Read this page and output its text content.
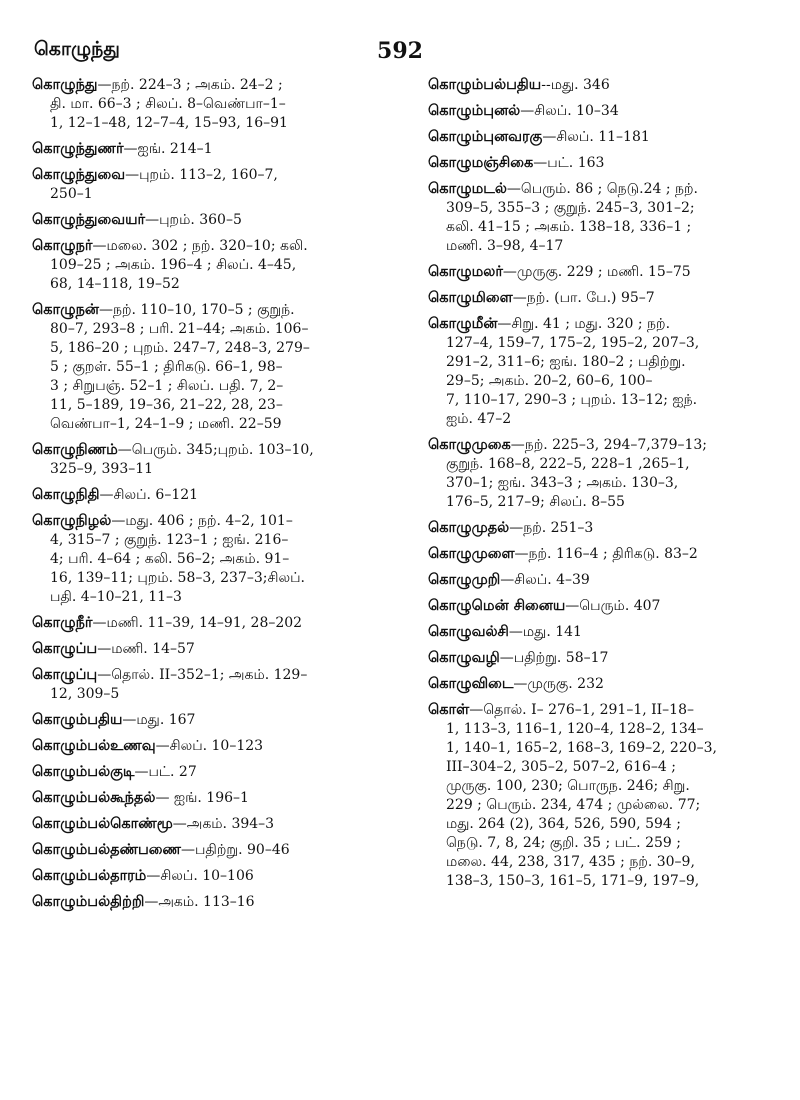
கொழுந்து	592
கொழுந்து—நற். 224–3 ; அகம். 24–2 ;
தி. மா. 66–3 ; சிலப். 8–வெண்பா–1–
1, 12–1–48, 12–7–4, 15–93, 16–91
கொழுந்துணர்—ஐங். 214–1
கொழுந்துவை—புறம். 113–2, 160–7,
250–1
கொழுந்துவையர்—புறம். 360–5
கொழுநர்—மலை. 302 ; நற். 320–10; கலி.
109–25 ; அகம். 196–4 ; சிலப். 4–45,
68, 14–118, 19–52
கொழுநன்—நற். 110–10, 170–5 ; குறுந்.
80–7, 293–8 ; பரி. 21–44; அகம். 106–
5, 186–20 ; புறம். 247–7, 248–3, 279–
5 ; குறள். 55–1 ; திரிகடு. 66–1, 98–
3 ; சிறுபஞ். 52–1 ; சிலப். பதி. 7, 2–
11, 5–189, 19–36, 21–22, 28, 23–
வெண்பா–1, 24–1–9 ; மணி. 22–59
கொழுநிணம்—பெரும். 345;புறம். 103–10,
325–9, 393–11
கொழுநிதி—சிலப். 6–121
கொழுநிழல்—மது. 406 ; நற். 4–2, 101–
4, 315–7 ; குறுந். 123–1 ; ஐங். 216–
4; பரி. 4–64 ; கலி. 56–2; அகம். 91–
16, 139–11; புறம். 58–3, 237–3;சிலப்.
பதி. 4–10–21, 11–3
கொழுநீர்—மணி. 11–39, 14–91, 28–202
கொழுப்ப—மணி. 14–57
கொழுப்பு—தொல். II–352–1; அகம். 129–
12, 309–5
கொழும்பதிய—மது. 167
கொழும்பல்உணவு—சிலப். 10–123
கொழும்பல்குடி—பட். 27
கொழும்பல்கூந்தல்— ஐங். 196–1
கொழும்பல்கொண்மூ—அகம். 394–3
கொழும்பல்தண்பணை—பதிற்று. 90–46
கொழும்பல்தாரம்—சிலப். 10–106
கொழும்பல்திற்றி—அகம். 113–16
கொழும்பல்பதிய--மது. 346
கொழும்புனல்—சிலப். 10–34
கொழும்புனவரகு—சிலப். 11–181
கொழுமஞ்சிகை—பட். 163
கொழுமடல்—பெரும். 86 ; நெடு.24 ; நற்.
309–5, 355–3 ; குறுந். 245–3, 301–2;
கலி. 41–15 ; அகம். 138–18, 336–1 ;
மணி. 3–98, 4–17
கொழுமலர்—முருகு. 229 ; மணி. 15–75
கொழுமிளை—நற். (பா. பே.) 95–7
கொழுமீன்—சிறு. 41 ; மது. 320 ; நற்.
127–4, 159–7, 175–2, 195–2, 207–3,
291–2, 311–6; ஐங். 180–2 ; பதிற்று.
29–5; அகம். 20–2, 60–6, 100–
7, 110–17, 290–3 ; புறம். 13–12; ஐந்.
ஐம். 47–2
கொழுமுகை—நற். 225–3, 294–7,379–13;
குறுந். 168–8, 222–5, 228–1 ,265–1,
370–1; ஐங். 343–3 ; அகம். 130–3,
176–5, 217–9; சிலப். 8–55
கொழுமுதல்—நற். 251–3
கொழுமுளை—நற். 116–4 ; திரிகடு. 83–2
கொழுமுறி—சிலப். 4–39
கொழுமென் சினைய—பெரும். 407
கொழுவல்சி—மது. 141
கொழுவழி—பதிற்று. 58–17
கொழுவிடை—முருகு. 232
கொள்—தொல். I– 276–1, 291–1, II–18–
1, 113–3, 116–1, 120–4, 128–2, 134–
1, 140–1, 165–2, 168–3, 169–2, 220–3,
III–304–2, 305–2, 507–2, 616–4 ;
முருகு. 100, 230; பொருந. 246; சிறு.
229 ; பெரும். 234, 474 ; முல்லை. 77;
மது. 264 (2), 364, 526, 590, 594 ;
நெடு. 7, 8, 24; குறி. 35 ; பட். 259 ;
மலை. 44, 238, 317, 435 ; நற். 30–9,
138–3, 150–3, 161–5, 171–9, 197–9,
